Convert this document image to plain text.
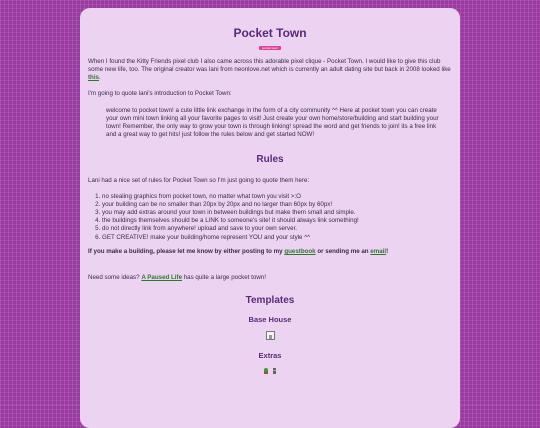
Pocket Town
pocket town

When I found the Kitty Friends pixel club I also came across this adorable pixel clique - Pocket Town. I would like to give this club some new life, too. The original creator was lani from neonlove.net which is currently an adult dating site but back in 2008 looked like this.

I'm going to quote lani's introduction to Pocket Town:

welcome to pocket town! a cute little link exchange in the form of a city community ^^ Here at pocket town you can create your own mini town linking all your favorite pages to visit! Just create your own home/store/building and start building your town! Remember, the only way to grow your town is through linking! spread the word and get friends to join! its a free link and a great way to get hits! just follow the rules below and get started NOW!
Rules

Lani had a nice set of rules for Pocket Town so I'm just going to quote them here:

1. no stealing graphics from pocket town, no matter what town you visit >:O
2. your building can be no smaller than 20px by 20px and no larger than 60px by 60px!
3. you may add extras around your town in between buildings but make them small and simple.
4. the buildings themselves should be a LINK to someone's site! it should always link something!
5. do not directly link from anywhere! upload and save to your own server.
6. GET CREATIVE! make your building/home represent YOU and your style ^^

If you make a building, please let me know by either posting to my guestbook or sending me an email!

Need some ideas? A Paused Life has quite a large pocket town!

Templates
Base House
Extras
